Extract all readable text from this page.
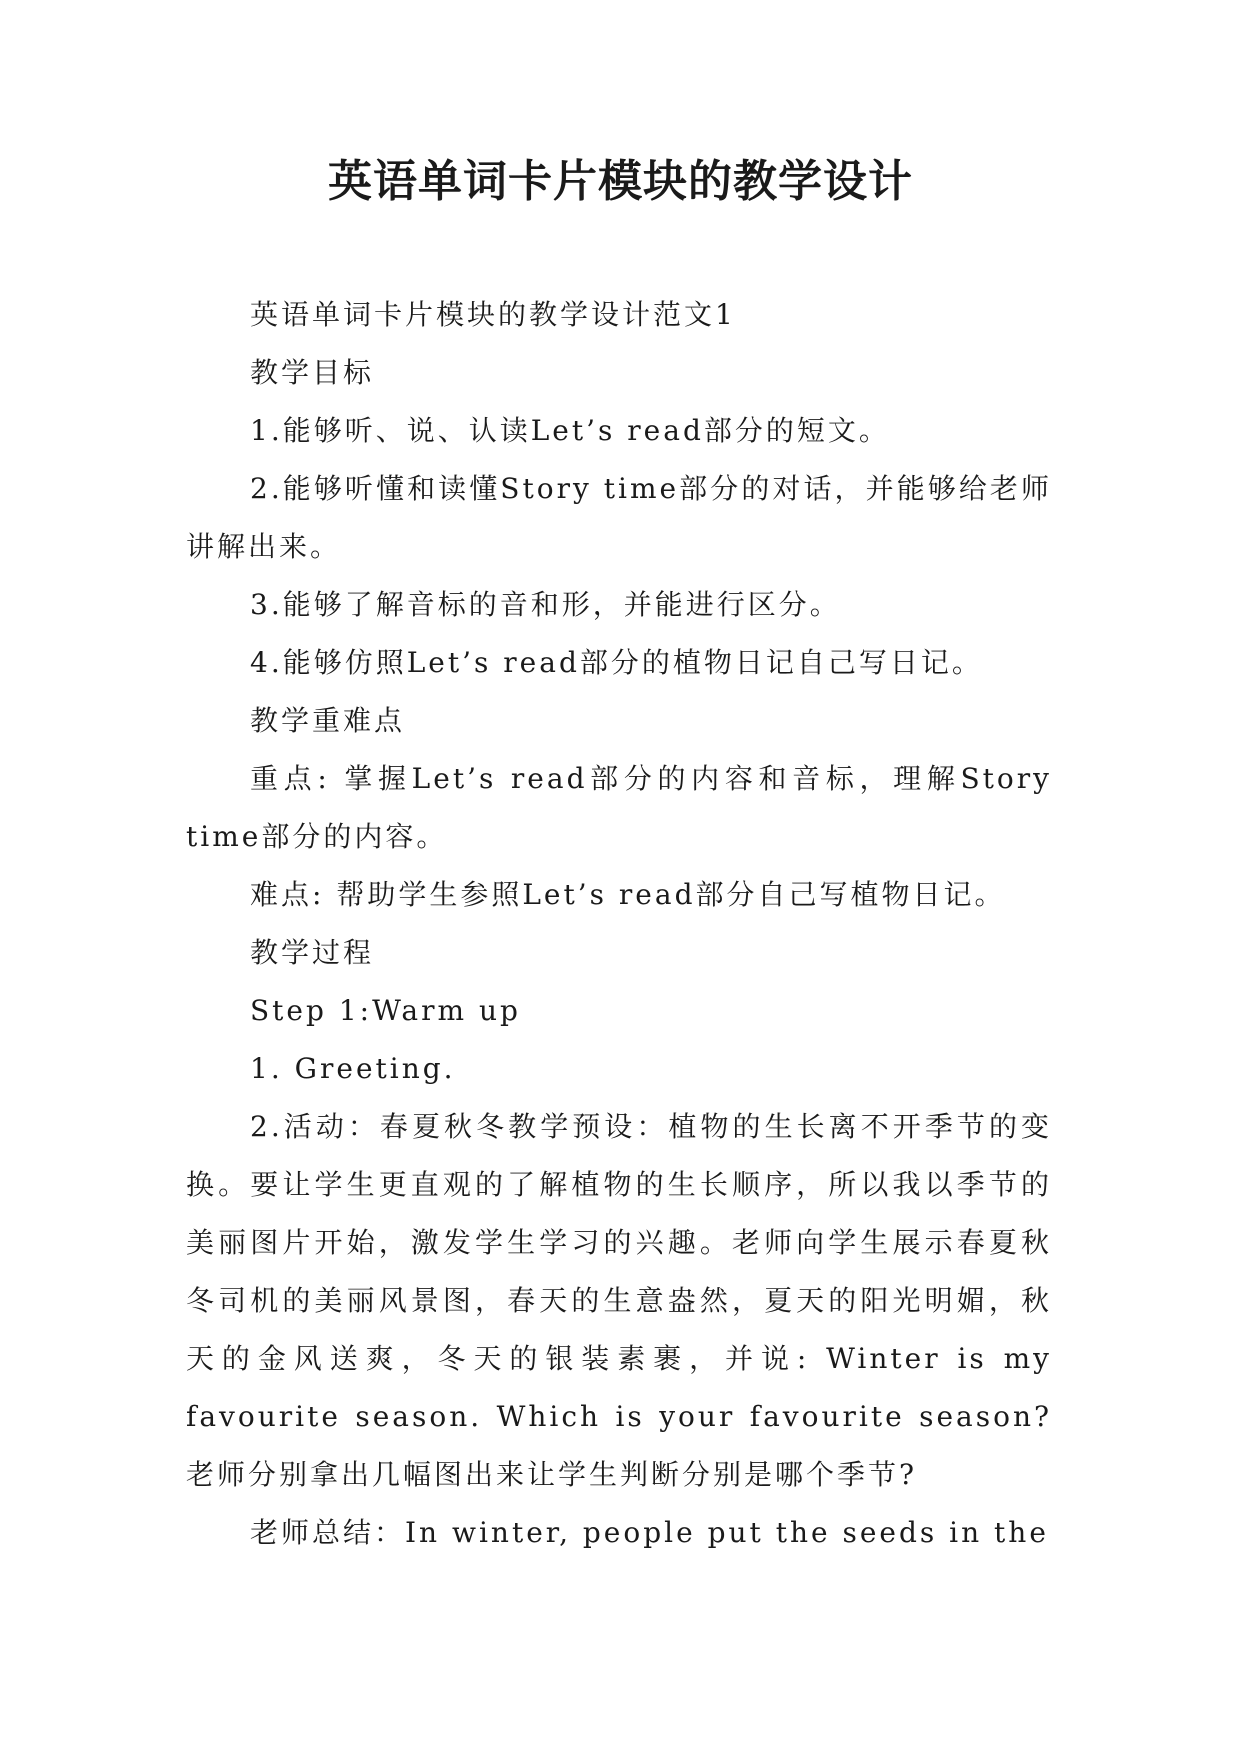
英语单词卡片模块的教学设计

英语单词卡片模块的教学设计范文1

教学目标

1.能够听、说、认读Let’s read部分的短文。

2.能够听懂和读懂Story time部分的对话，并能够给老师讲解出来。

3.能够了解音标的音和形，并能进行区分。

4.能够仿照Let’s read部分的植物日记自己写日记。

教学重难点

重点: 掌握Let’s read部分的内容和音标，理解Story time部分的内容。

难点: 帮助学生参照Let’s read部分自己写植物日记。

教学过程

Step 1:Warm up

1. Greeting.

2.活动：春夏秋冬教学预设：植物的生长离不开季节的变换。要让学生更直观的了解植物的生长顺序，所以我以季节的美丽图片开始，激发学生学习的兴趣。老师向学生展示春夏秋冬司机的美丽风景图，春天的生意盎然，夏天的阳光明媚，秋天的金风送爽，冬天的银装素裹，并说: Winter is my favourite season. Which is your favourite season?老师分别拿出几幅图出来让学生判断分别是哪个季节?

老师总结：In winter, people put the seeds in the
